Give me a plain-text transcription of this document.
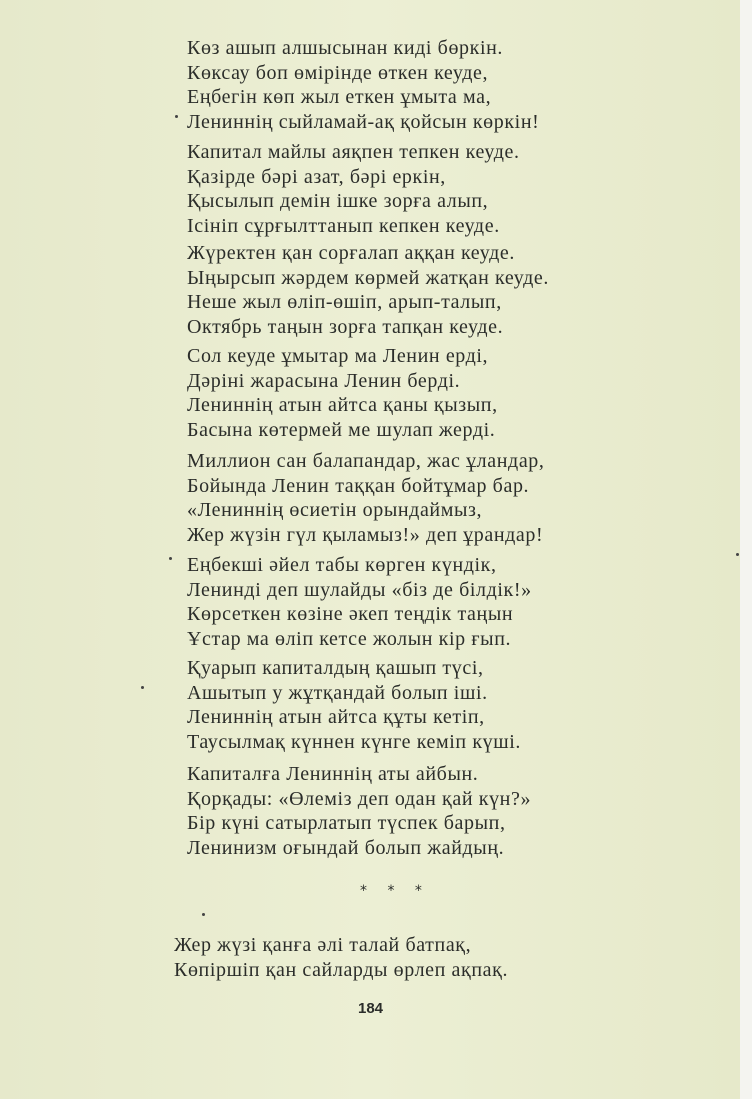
Көз ашып алшысынан киді бөркін.
Көксау боп өмірінде өткен кеуде,
Еңбегін көп жыл еткен ұмыта ма,
Лениннің сыйламай-ақ қойсын көркін!
Капитал майлы аяқпен тепкен кеуде.
Қазірде бәрі азат, бәрі еркін,
Қысылып демін ішке зорға алып,
Ісініп сұрғылттанып кепкен кеуде.
Жүректен қан сорғалап аққан кеуде.
Ыңырсып жәрдем көрмей жатқан кеуде.
Неше жыл өліп-өшіп, арып-талып,
Октябрь таңын зорға тапқан кеуде.
Сол кеуде ұмытар ма Ленин ерді,
Дәріні жарасына Ленин берді.
Лениннің атын айтса қаны қызып,
Басына көтермей ме шулап жерді.
Миллион сан балапандар, жас ұландар,
Бойында Ленин таққан бойтұмар бар.
«Лениннің өсиетін орындаймыз,
Жер жүзін гүл қыламыз!» деп ұрандар!
Еңбекші әйел табы көрген күндік,
Ленинді деп шулайды «біз де білдік!»
Көрсеткен көзіне әкеп теңдік таңын
Ұстар ма өліп кетсе жолын кір ғып.
Қуарып капиталдың қашып түсі,
Ашытып у жұтқандай болып іші.
Лениннің атын айтса құты кетіп,
Таусылмақ күннен күнге кеміп күші.
Капиталға Лениннің аты айбын.
Қорқады: «Өлеміз деп одан қай күн?»
Бір күні сатырлатып түспек барып,
Ленинизм оғындай болып жайдың.
* * *
Жер жүзі қанға әлі талай батпақ,
Көпіршіп қан сайларды өрлеп ақпақ.
184
